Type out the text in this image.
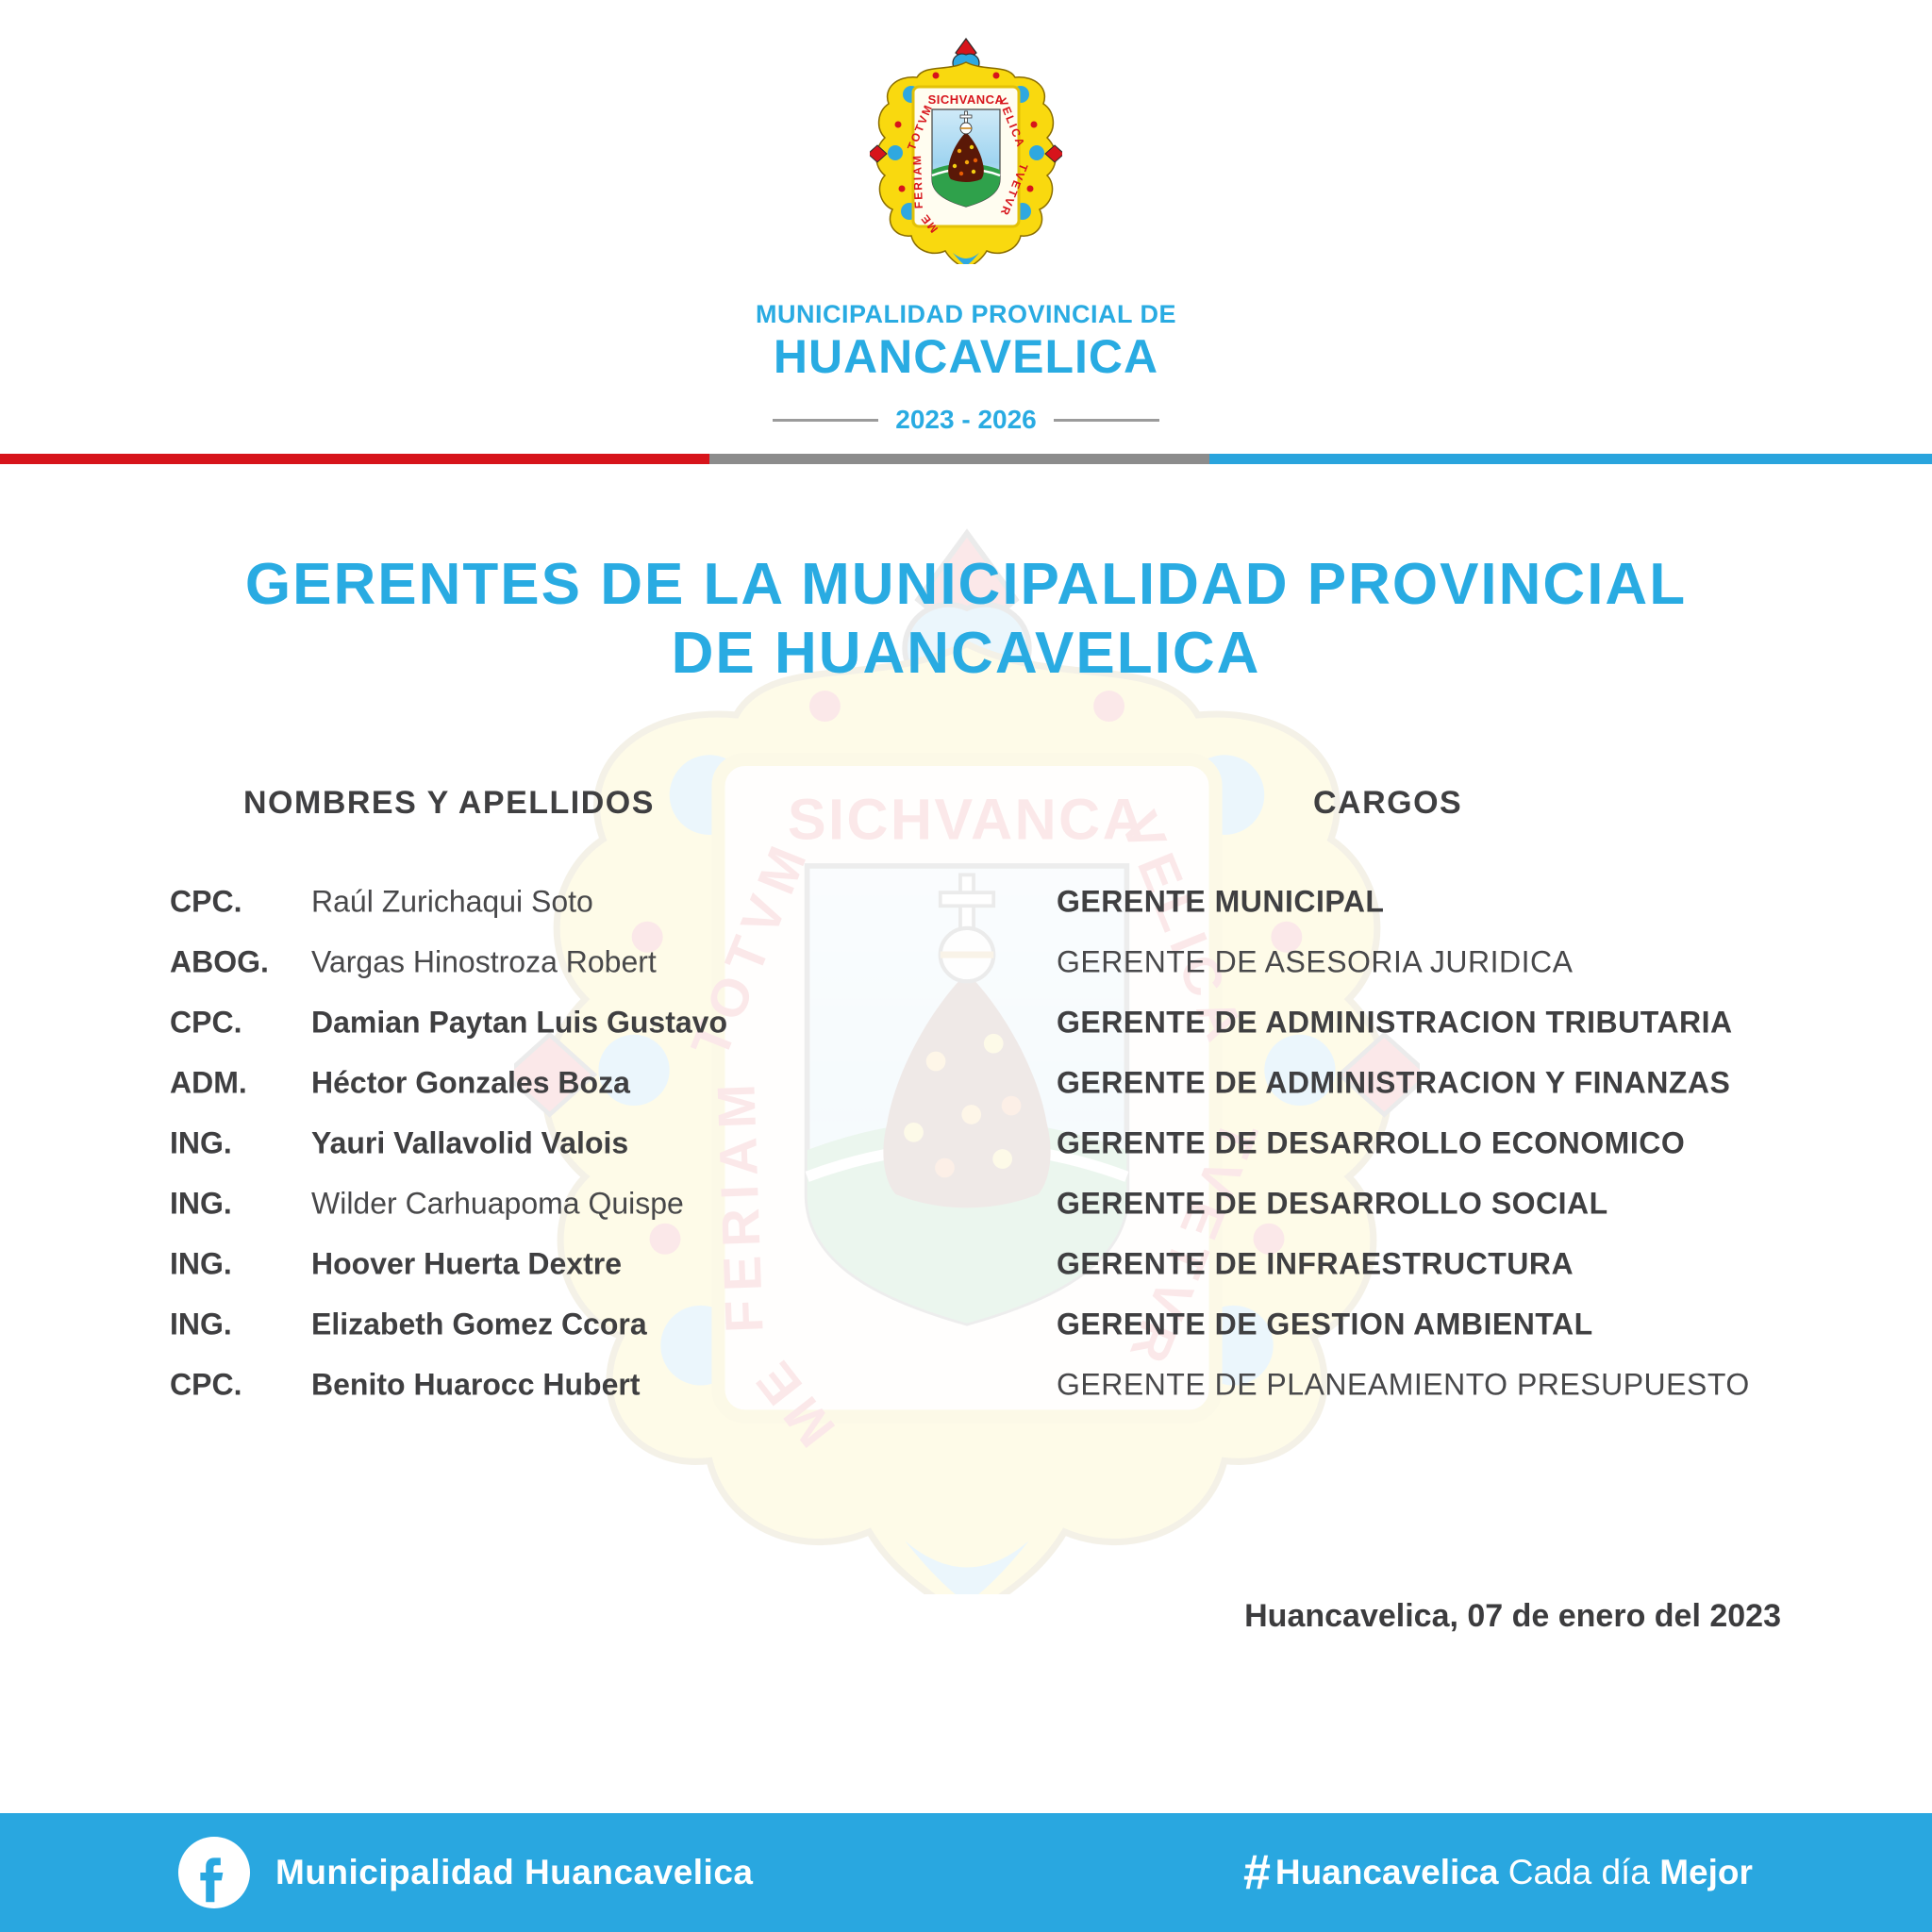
MUNICIPALIDAD PROVINCIAL DE
HUANCAVELICA
2023 - 2026
GERENTES DE LA MUNICIPALIDAD PROVINCIAL
DE HUANCAVELICA
NOMBRES Y APELLIDOS	CARGOS
CPC. Raúl Zurichaqui Soto	GERENTE MUNICIPAL
ABOG. Vargas Hinostroza Robert	GERENTE DE ASESORIA JURIDICA
CPC. Damian Paytan Luis Gustavo	GERENTE DE ADMINISTRACION TRIBUTARIA
ADM. Héctor Gonzales Boza	GERENTE DE ADMINISTRACION Y FINANZAS
ING.	Yauri Vallavolid Valois	GERENTE DE DESARROLLO ECONOMICO
ING.	Wilder Carhuapoma Quispe	GERENTE DE DESARROLLO SOCIAL
ING.	Hoover Huerta Dextre	GERENTE DE INFRAESTRUCTURA
ING.	Elizabeth Gomez Ccora	GERENTE DE GESTION AMBIENTAL
CPC. Benito Huarocc Hubert	GERENTE DE PLANEAMIENTO PRESUPUESTO
Huancavelica, 07 de enero del 2023
Municipalidad Huancavelica	# Huancavelica Cada día Mejor
